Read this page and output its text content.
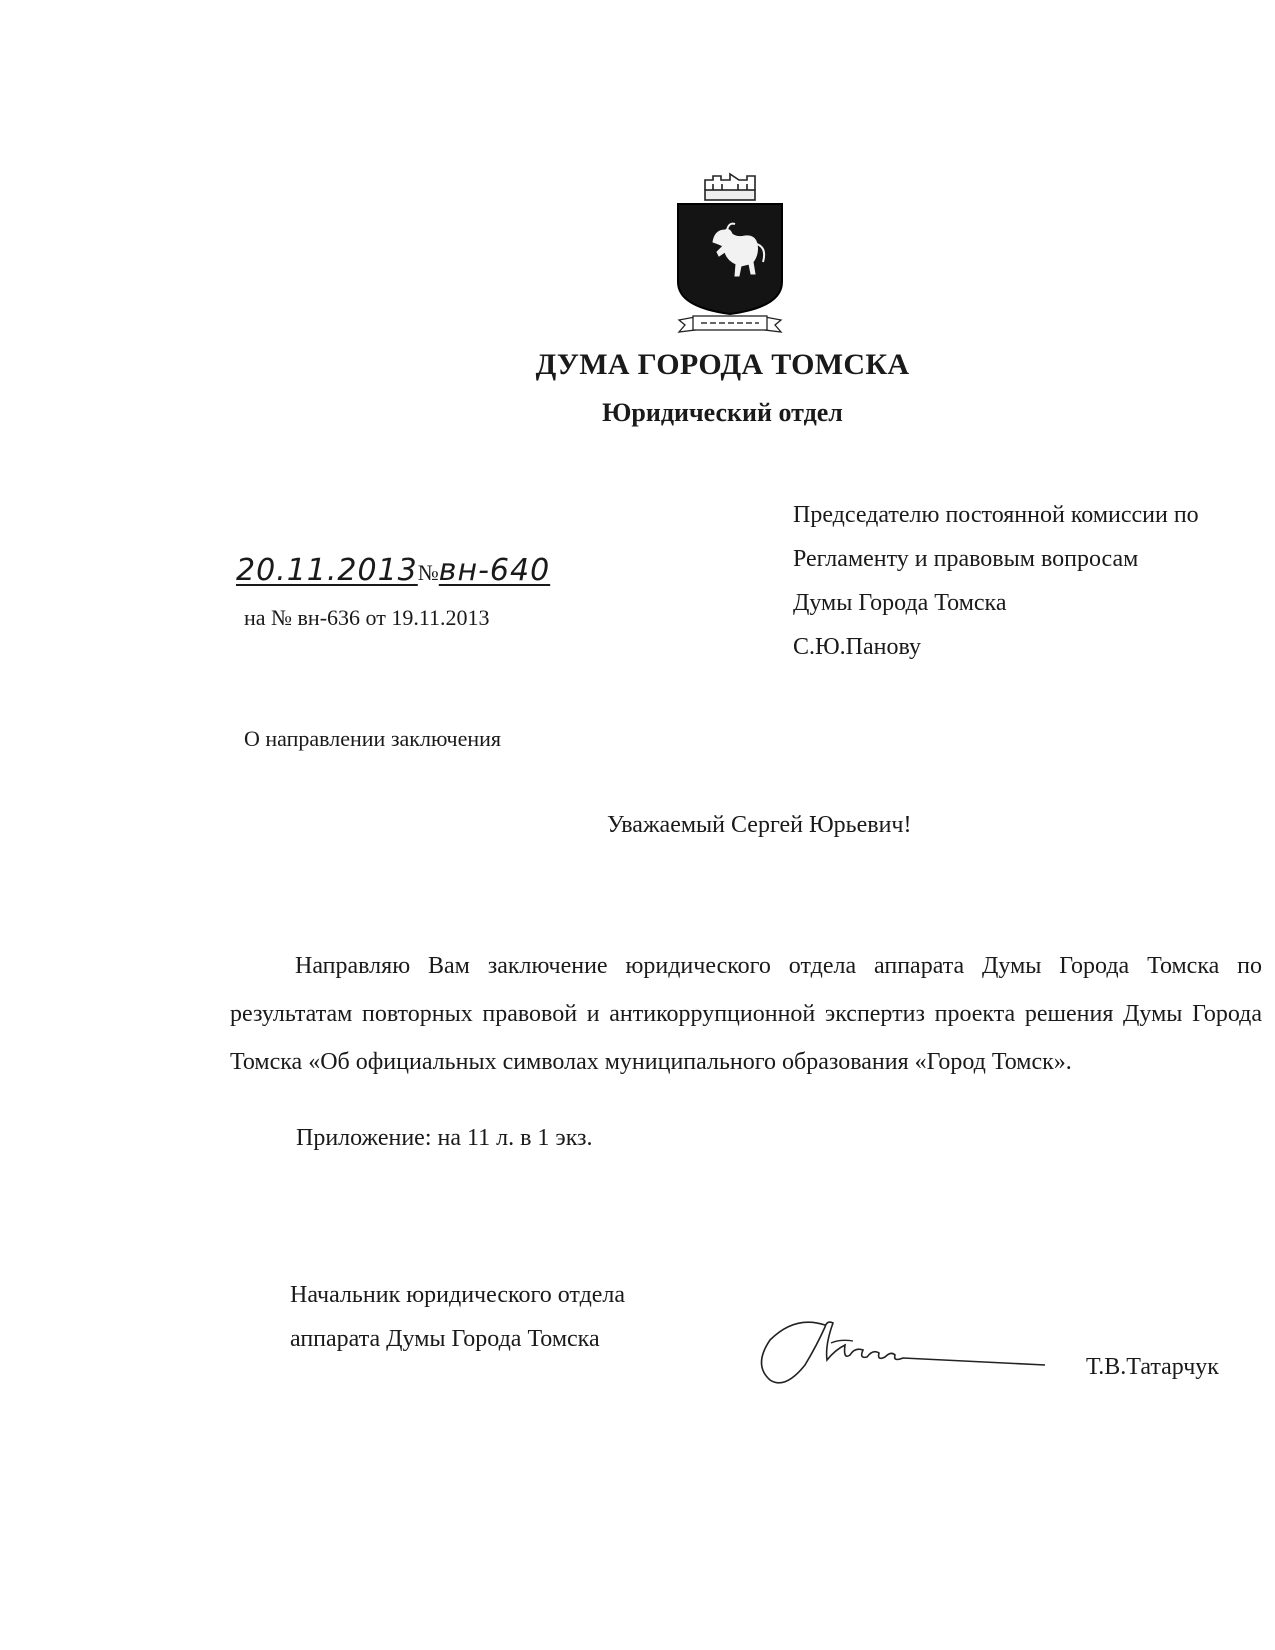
ДУМА ГОРОДА ТОМСКА
Юридический отдел
Председателю постоянной комиссии по
Регламенту и правовым вопросам
Думы Города Томска
С.Ю.Панову
20.11.2013№вн-640
на № вн-636 от 19.11.2013
О направлении заключения
Уважаемый Сергей Юрьевич!
Направляю Вам заключение юридического отдела аппарата Думы Города Томска по результатам повторных правовой и антикоррупционной экспертиз проекта решения Думы Города Томска «Об официальных символах муниципального образования «Город Томск».
Приложение: на 11 л. в 1 экз.
Начальник юридического отдела
аппарата Думы Города Томска
Т.В.Татарчук
